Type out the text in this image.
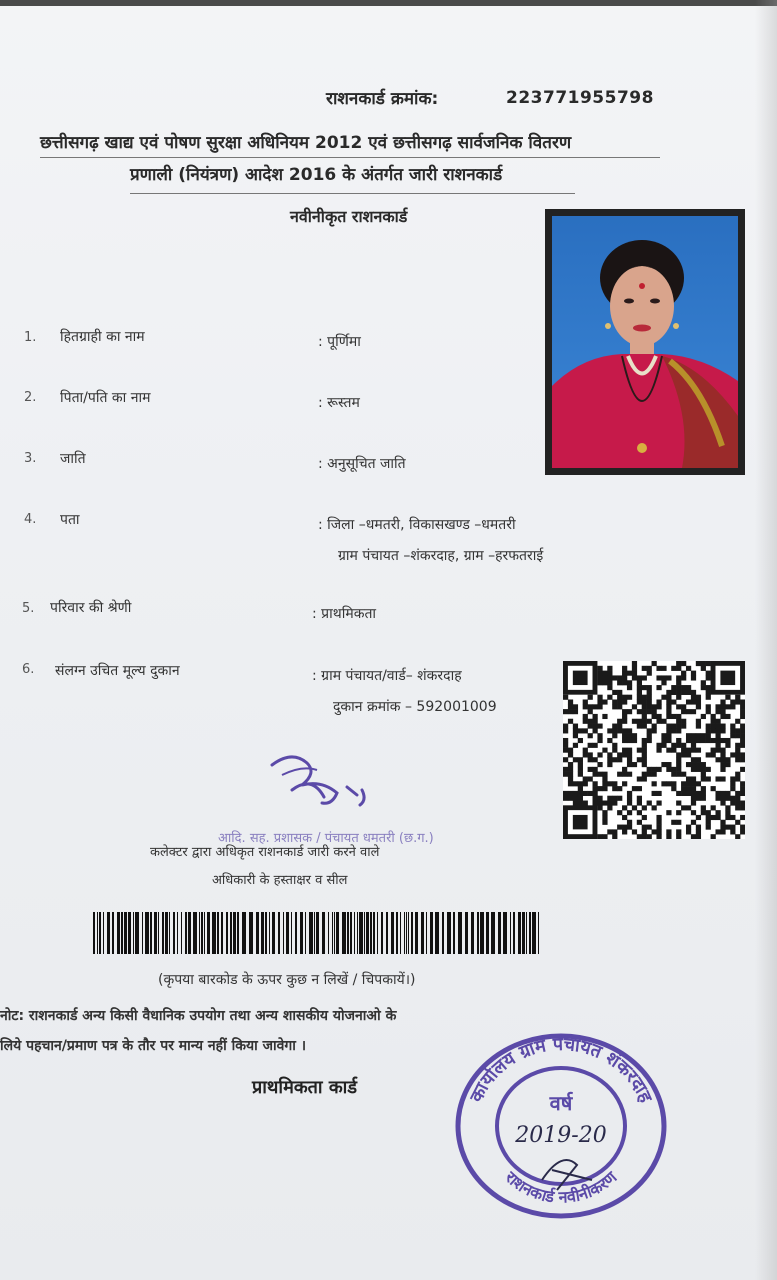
राशनकार्ड क्रमांक:	223771955798
छत्तीसगढ़ खाद्य एवं पोषण सुरक्षा अधिनियम 2012 एवं छत्तीसगढ़ सार्वजनिक वितरण
प्रणाली (नियंत्रण) आदेश 2016 के अंतर्गत जारी राशनकार्ड
नवीनीकृत राशनकार्ड
1. हितग्राही का नाम	: पूर्णिमा
2. पिता/पति का नाम	: रूस्तम
3. जाति	: अनुसूचित जाति
4. पता	: जिला –धमतरी, विकासखण्ड –धमतरी
ग्राम पंचायत –शंकरदाह, ग्राम –हरफतराई
5. परिवार की श्रेणी	: प्राथमिकता
6. संलग्न उचित मूल्य दुकान	: ग्राम पंचायत/वार्ड– शंकरदाह
दुकान क्रमांक – 592001009
आदि. सह. प्रशासक / पंचायत धमतरी (छ.ग.)
कलेक्टर द्वारा अधिकृत राशनकार्ड जारी करने वाले
अधिकारी के हस्ताक्षर व सील
(कृपया बारकोड के ऊपर कुछ न लिखें / चिपकायें।)
नोट: राशनकार्ड अन्य किसी वैधानिक उपयोग तथा अन्य शासकीय योजनाओ के
लिये पहचान/प्रमाण पत्र के तौर पर मान्य नहीं किया जावेगा ।
प्राथमिकता कार्ड	कार्यालय ग्राम पंचायत शंकरदाह
राशनकार्ड नवीनीकरण
वर्ष
2019-20
